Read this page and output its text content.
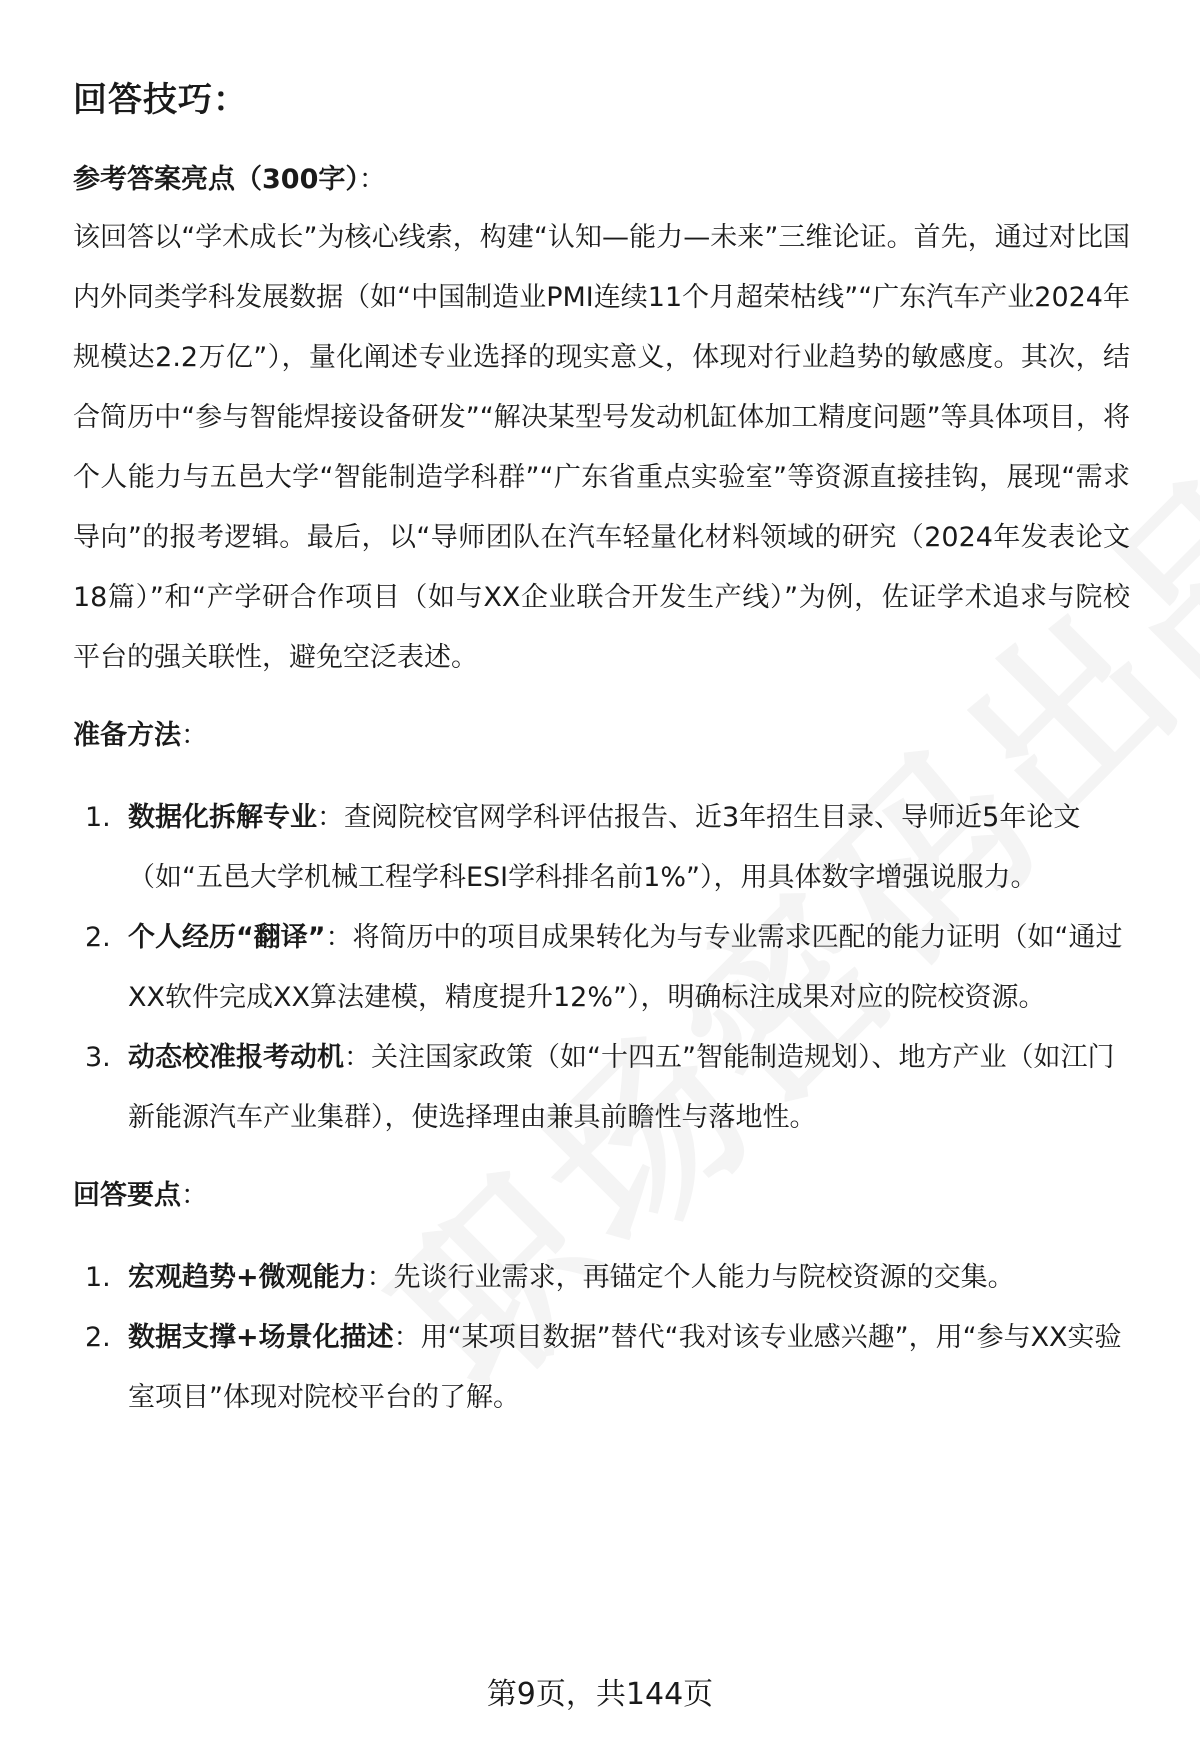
回答技巧：
参考答案亮点（300字）：

该回答以“学术成长”为核心线索，构建“认知—能力—未来”三维论证。首先，通过对比国内外同类学科发展数据（如“中国制造业PMI连续11个月超荣枯线”“广东汽车产业2024年规模达2.2万亿”），量化阐述专业选择的现实意义，体现对行业趋势的敏感度。其次，结合简历中“参与智能焊接设备研发”“解决某型号发动机缸体加工精度问题”等具体项目，将个人能力与五邑大学“智能制造学科群”“广东省重点实验室”等资源直接挂钩，展现“需求导向”的报考逻辑。最后，以“导师团队在汽车轻量化材料领域的研究（2024年发表论文18篇）”和“产学研合作项目（如与XX企业联合开发生产线）”为例，佐证学术追求与院校平台的强关联性，避免空泛表述。

准备方法：
1. 数据化拆解专业：查阅院校官网学科评估报告、近3年招生目录、导师近5年论文（如“五邑大学机械工程学科ESI学科排名前1%”），用具体数字增强说服力。
2. 个人经历“翻译”：将简历中的项目成果转化为与专业需求匹配的能力证明（如“通过XX软件完成XX算法建模，精度提升12%”），明确标注成果对应的院校资源。
3. 动态校准报考动机：关注国家政策（如“十四五”智能制造规划）、地方产业（如江门新能源汽车产业集群），使选择理由兼具前瞻性与落地性。
回答要点：
1. 宏观趋势+微观能力：先谈行业需求，再锚定个人能力与院校资源的交集。
2. 数据支撑+场景化描述：用“某项目数据”替代“我对该专业感兴趣”，用“参与XX实验室项目”体现对院校平台的了解。
第9页，共144页
